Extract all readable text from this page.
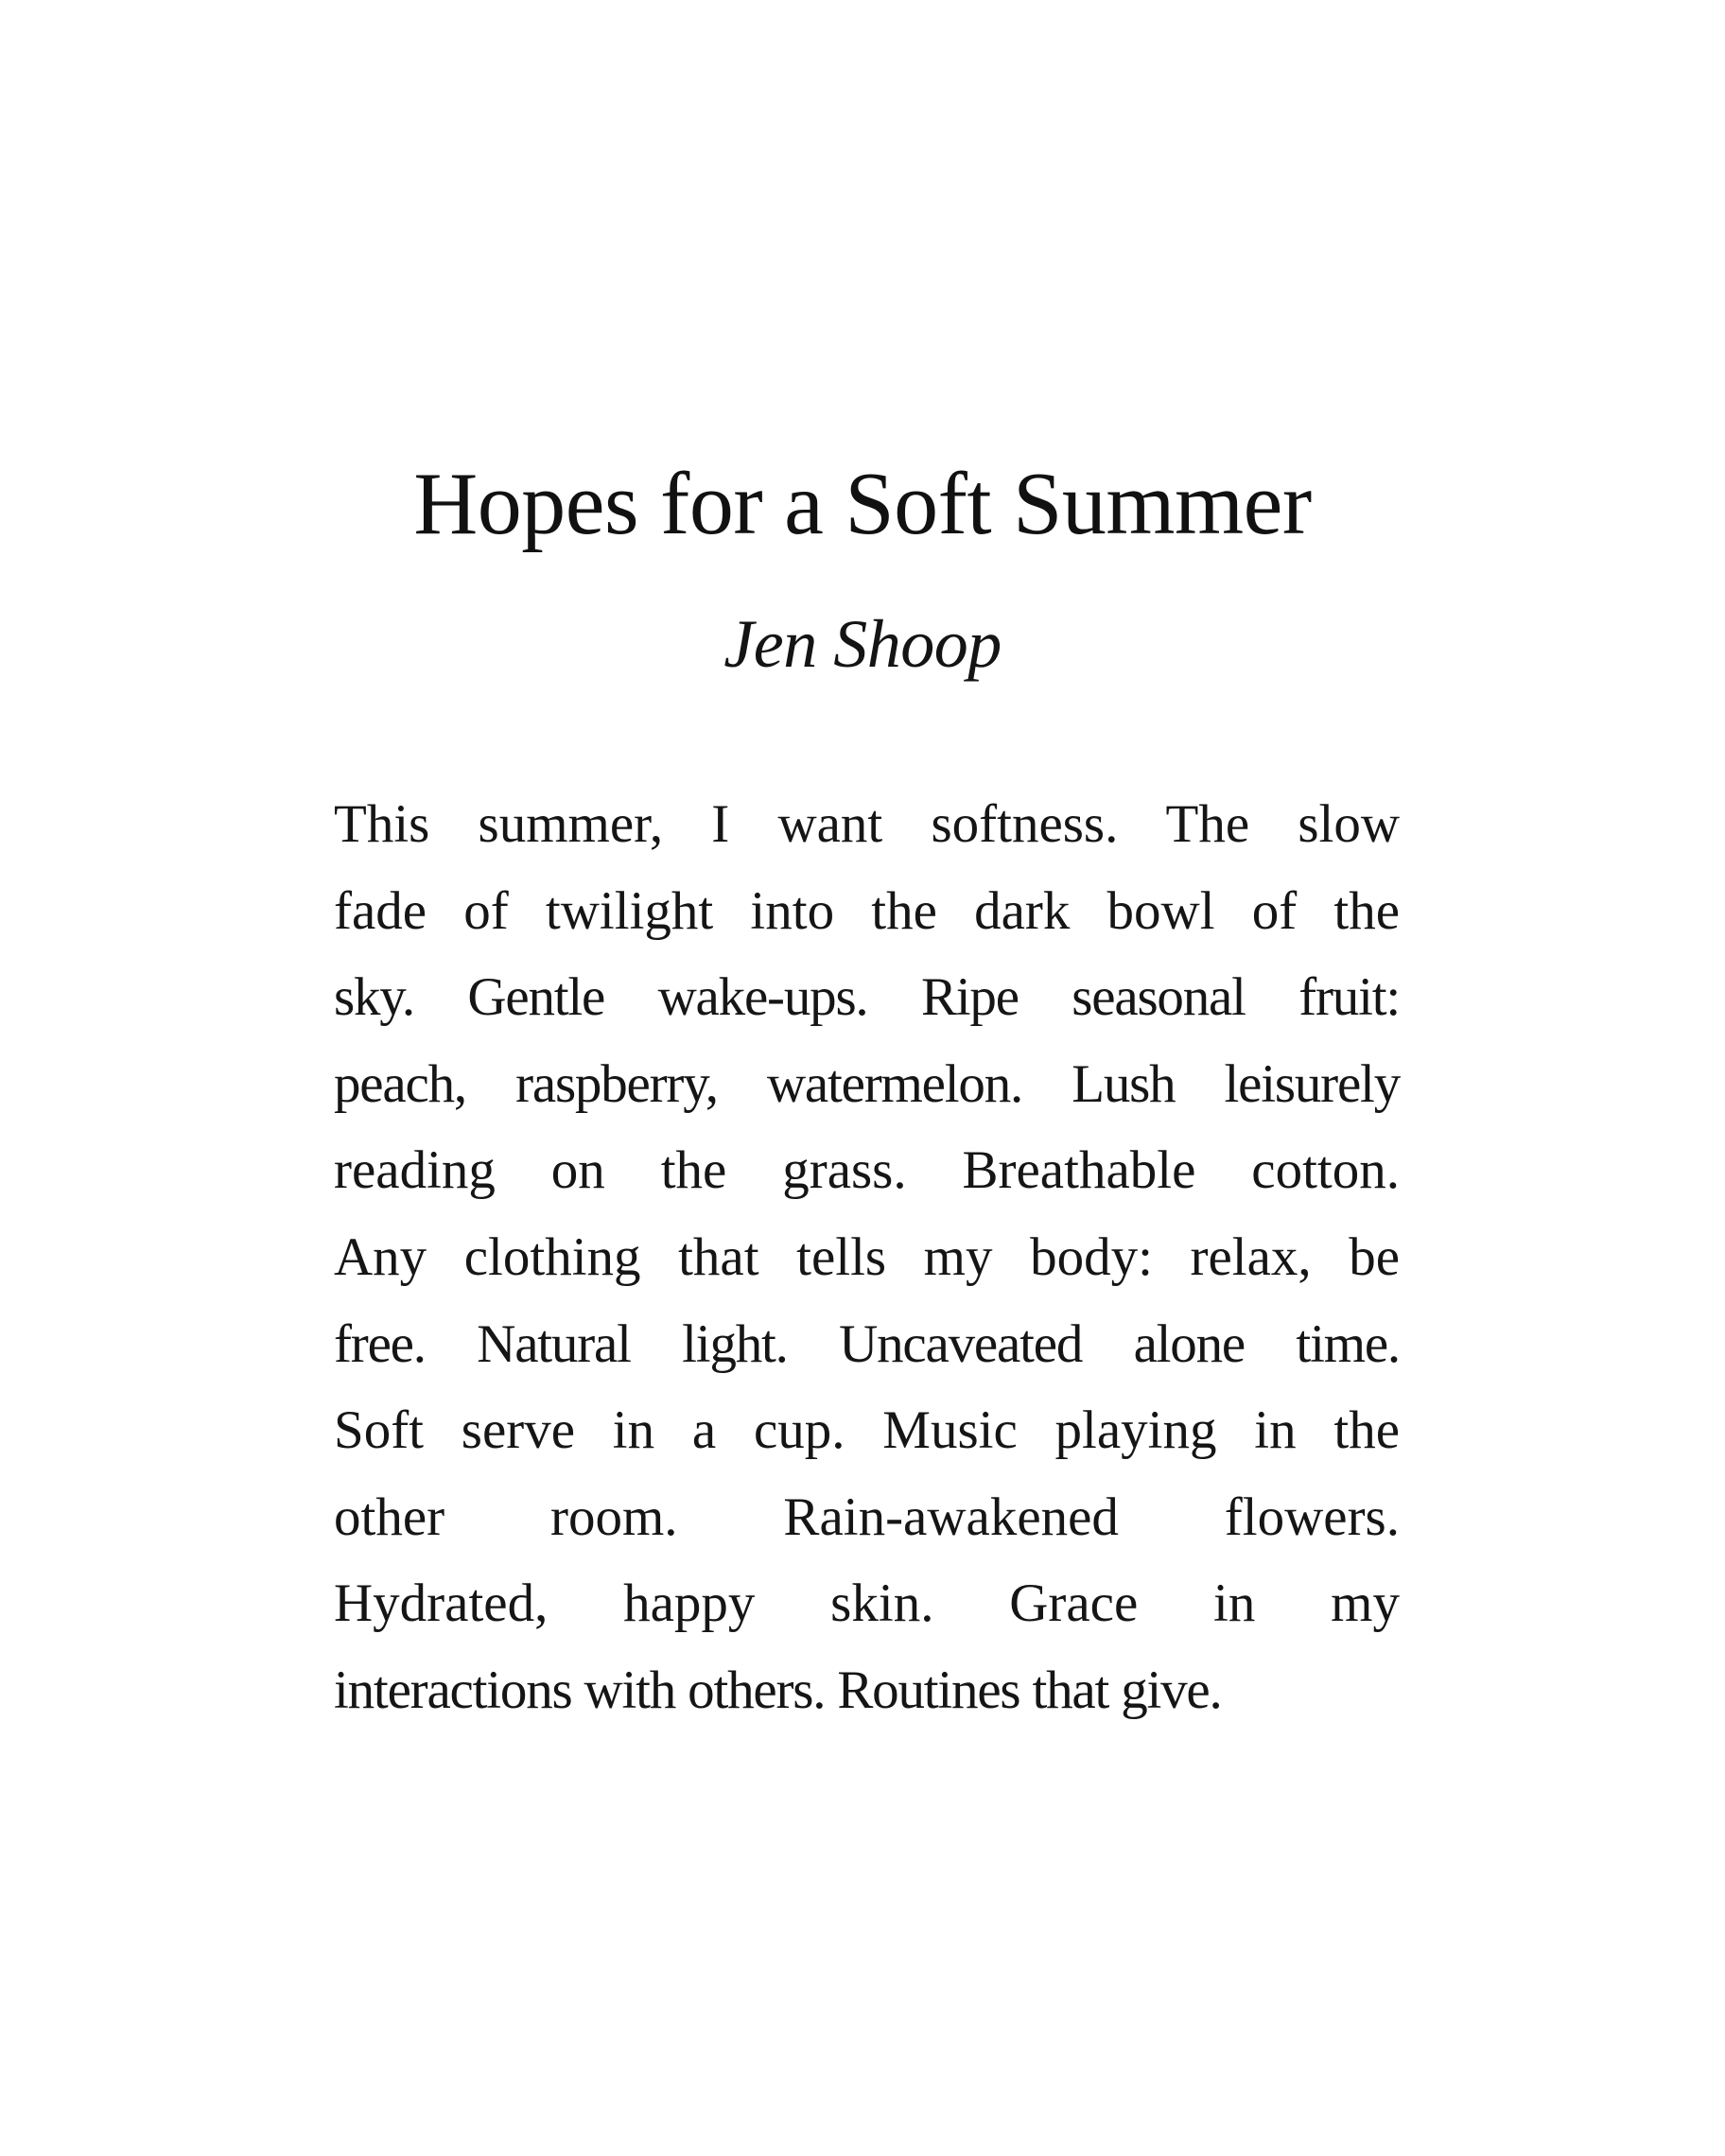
Hopes for a Soft Summer
Jen Shoop
This summer, I want softness. The slow
fade of twilight into the dark bowl of the
sky. Gentle wake-ups. Ripe seasonal fruit:
peach, raspberry, watermelon. Lush leisurely
reading on the grass. Breathable cotton.
Any clothing that tells my body: relax, be
free. Natural light. Uncaveated alone time.
Soft serve in a cup. Music playing in the
other room. Rain-awakened flowers.
Hydrated, happy skin. Grace in my
interactions with others. Routines that give.
